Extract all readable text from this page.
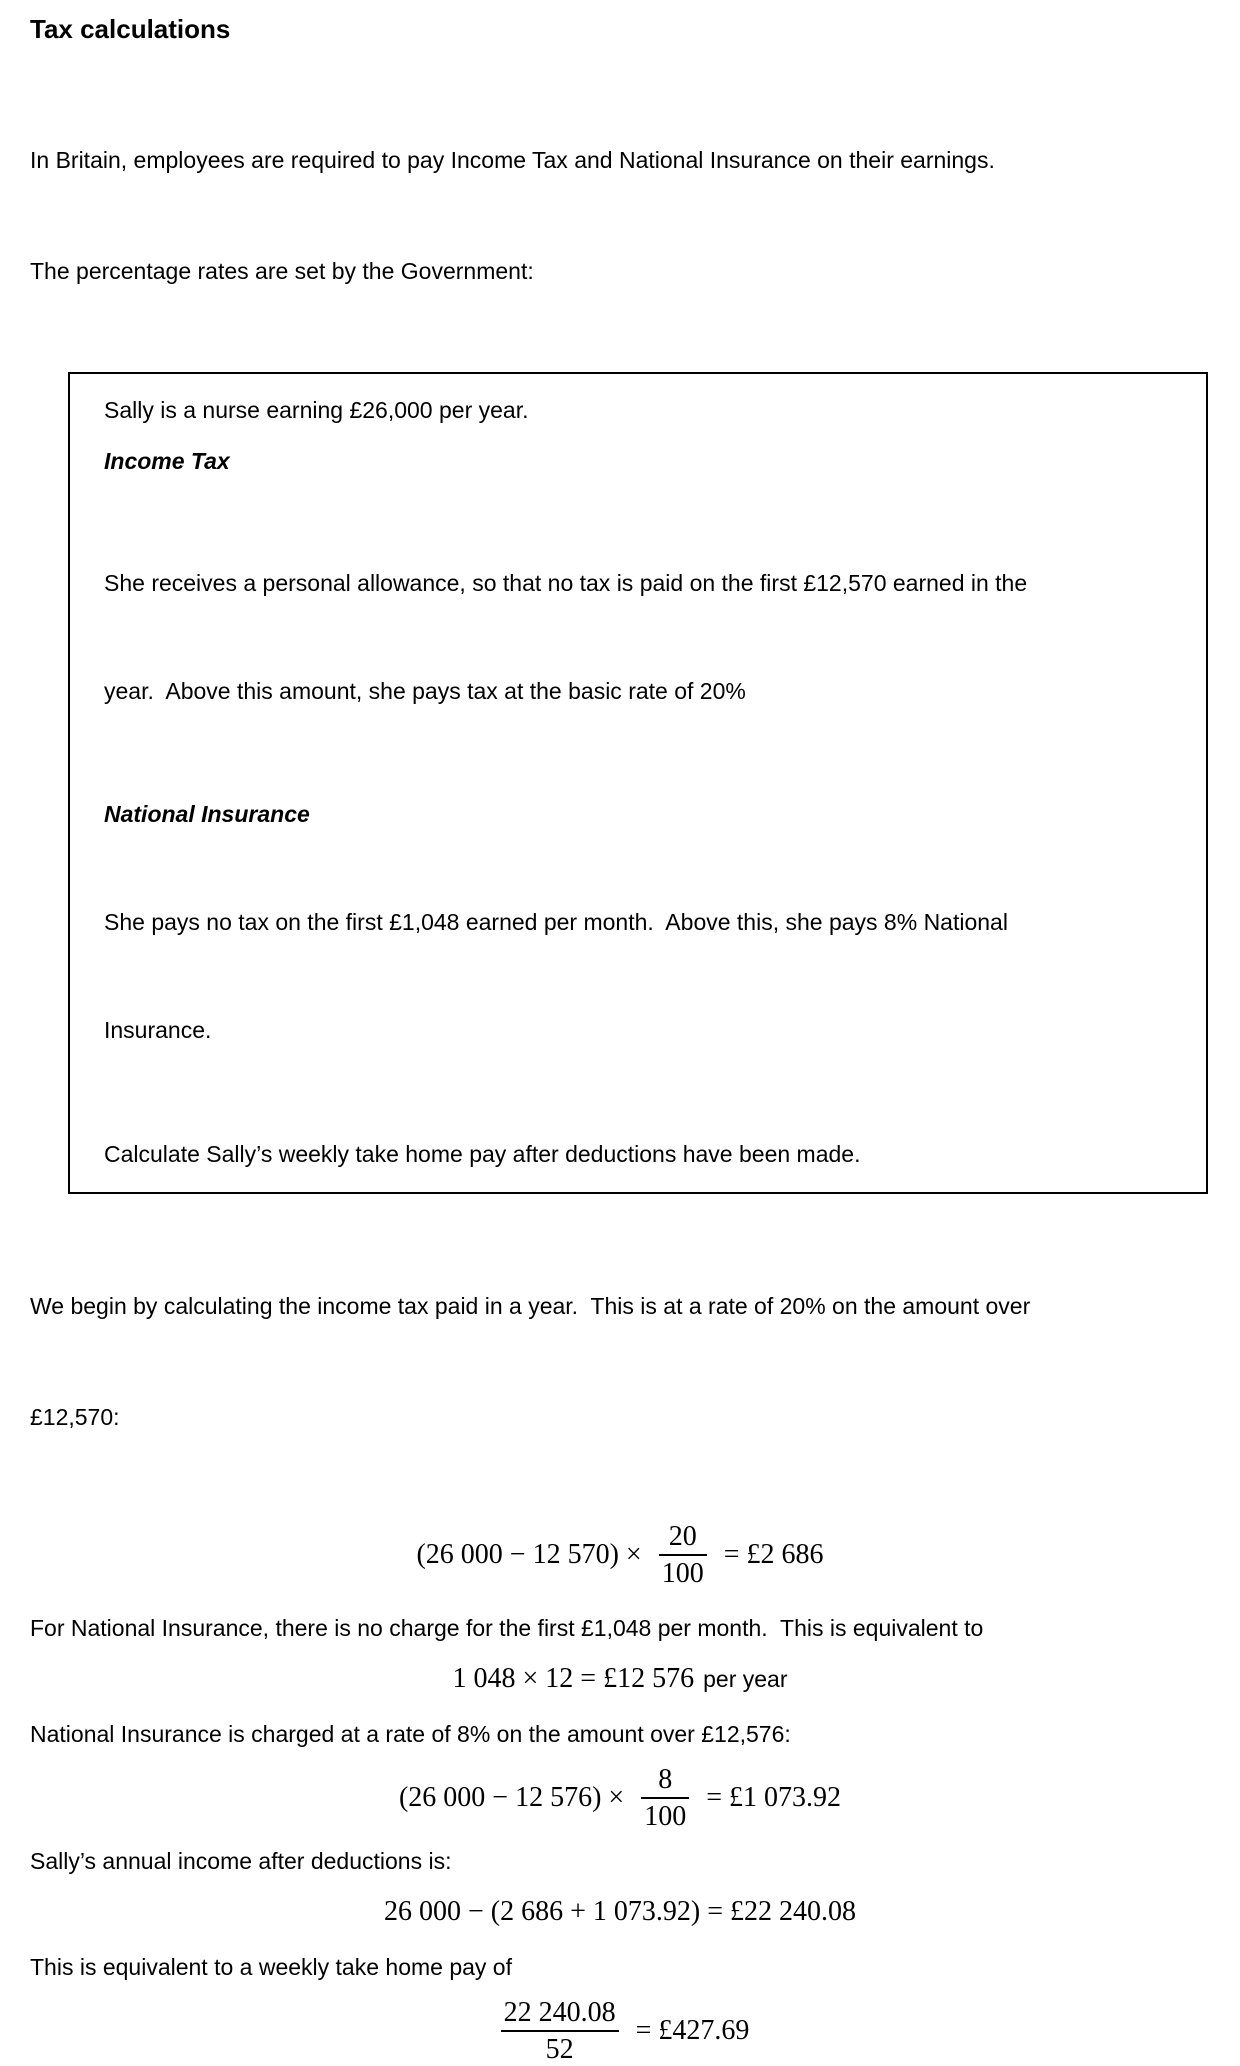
Tax calculations

In Britain, employees are required to pay Income Tax and National Insurance on their earnings.

The percentage rates are set by the Government:

Sally is a nurse earning £26,000 per year.
Income Tax

She receives a personal allowance, so that no tax is paid on the first £12,570 earned in the

year.  Above this amount, she pays tax at the basic rate of 20%

National Insurance

She pays no tax on the first £1,048 earned per month.  Above this, she pays 8% National

Insurance.

Calculate Sally’s weekly take home pay after deductions have been made.

We begin by calculating the income tax paid in a year.  This is at a rate of 20% on the amount over

£12,570:

(26 000 − 12 $570) \times \frac{20}{100}$ = £2 686
For National Insurance, there is no charge for the first £1,048 per month.  This is equivalent to
1 048 × 12 = £12 576 per year
National Insurance is charged at a rate of 8% on the amount over £12,576:
(26 000 − 12 $576) \times \frac{8}{100}$ = £1 073.92
Sally’s annual income after deductions is:
26 000 − (2 686 + 1 073.92) = £22 240.08
This is equivalent to a weekly take home pay of
$\frac{22 240.08}{52}$ = £427.69
